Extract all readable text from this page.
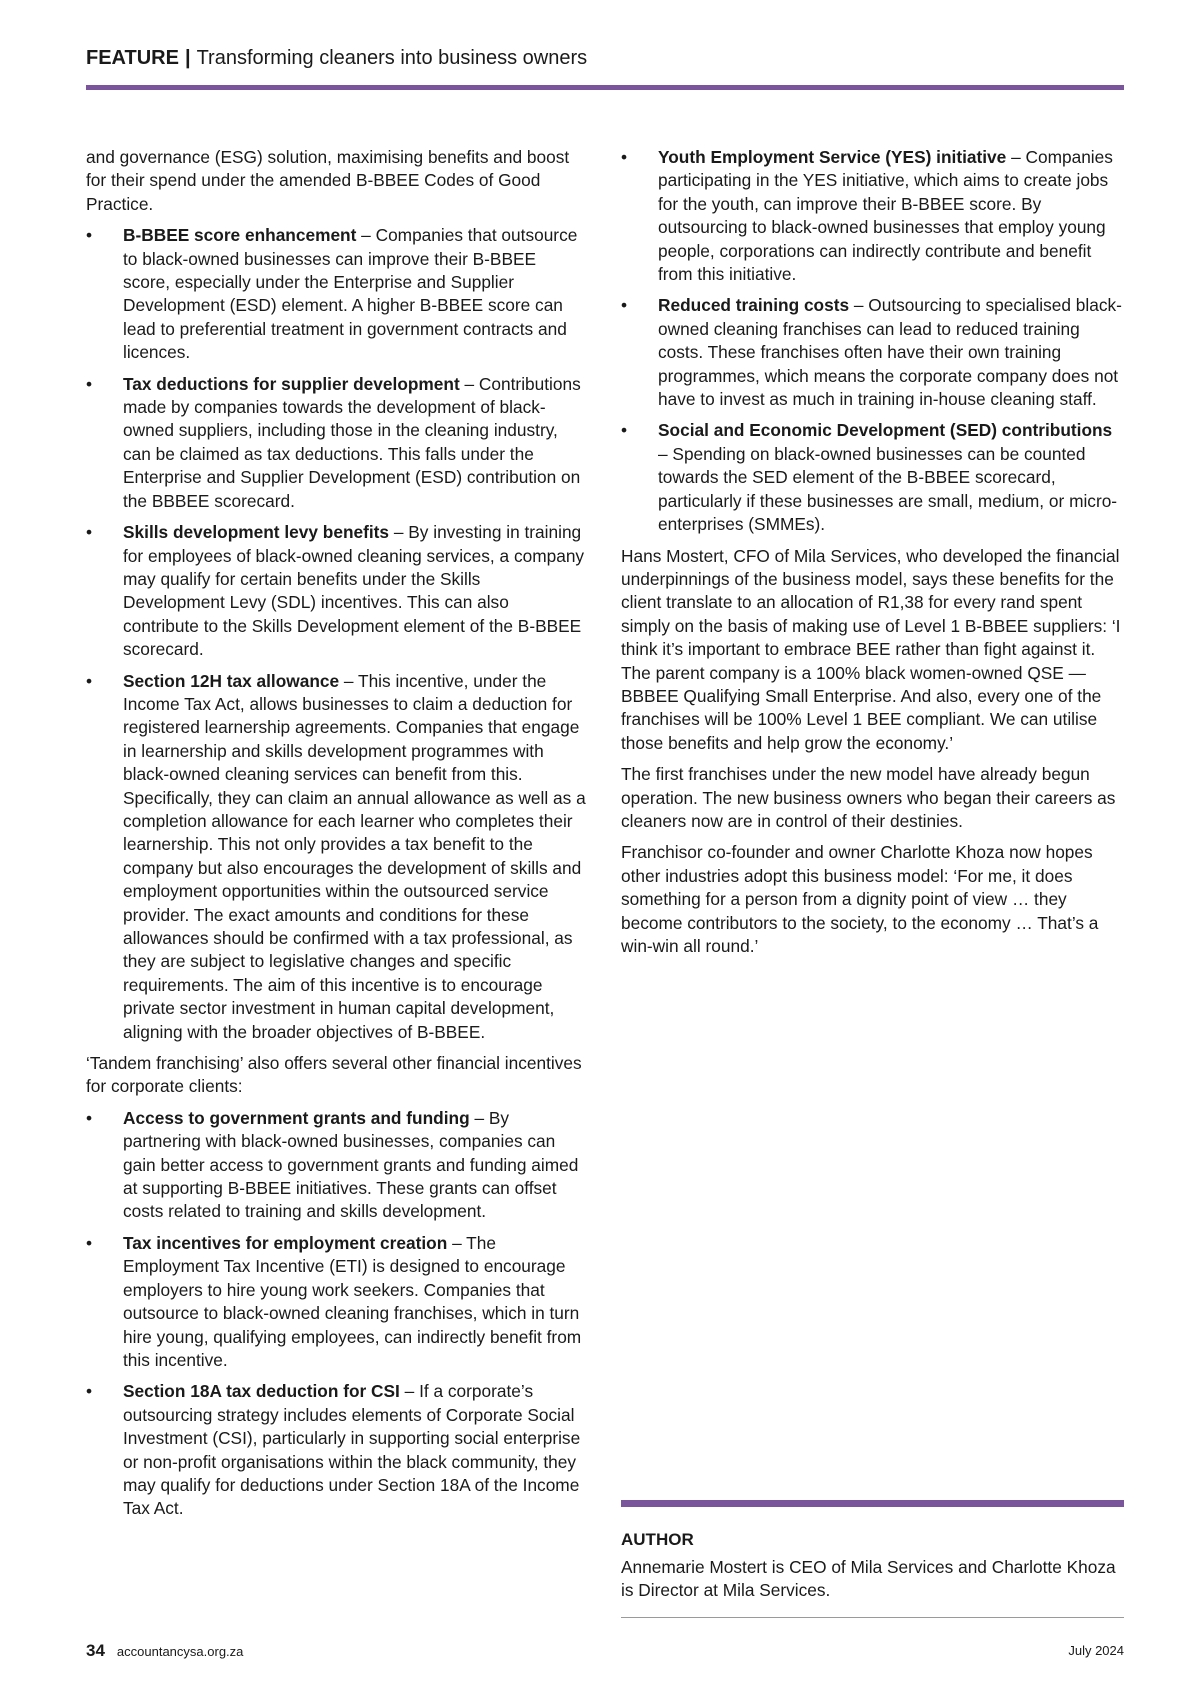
FEATURE | Transforming cleaners into business owners

and governance (ESG) solution, maximising benefits and boost for their spend under the amended B-BBEE Codes of Good Practice.

• B-BBEE score enhancement – Companies that outsource to black-owned businesses can improve their B-BBEE score, especially under the Enterprise and Supplier Development (ESD) element. A higher B-BBEE score can lead to preferential treatment in government contracts and licences.
• Tax deductions for supplier development – Contributions made by companies towards the development of black-owned suppliers, including those in the cleaning industry, can be claimed as tax deductions. This falls under the Enterprise and Supplier Development (ESD) contribution on the BBBEE scorecard.
• Skills development levy benefits – By investing in training for employees of black-owned cleaning services, a company may qualify for certain benefits under the Skills Development Levy (SDL) incentives. This can also contribute to the Skills Development element of the B-BBEE scorecard.
• Section 12H tax allowance – This incentive, under the Income Tax Act, allows businesses to claim a deduction for registered learnership agreements. Companies that engage in learnership and skills development programmes with black-owned cleaning services can benefit from this. Specifically, they can claim an annual allowance as well as a completion allowance for each learner who completes their learnership. This not only provides a tax benefit to the company but also encourages the development of skills and employment opportunities within the outsourced service provider. The exact amounts and conditions for these allowances should be confirmed with a tax professional, as they are subject to legislative changes and specific requirements. The aim of this incentive is to encourage private sector investment in human capital development, aligning with the broader objectives of B-BBEE.

‘Tandem franchising’ also offers several other financial incentives for corporate clients:

• Access to government grants and funding – By partnering with black-owned businesses, companies can gain better access to government grants and funding aimed at supporting B-BBEE initiatives. These grants can offset costs related to training and skills development.
• Tax incentives for employment creation – The Employment Tax Incentive (ETI) is designed to encourage employers to hire young work seekers. Companies that outsource to black-owned cleaning franchises, which in turn hire young, qualifying employees, can indirectly benefit from this incentive.
• Section 18A tax deduction for CSI – If a corporate’s outsourcing strategy includes elements of Corporate Social Investment (CSI), particularly in supporting social enterprise or non-profit organisations within the black community, they may qualify for deductions under Section 18A of the Income Tax Act.
• Youth Employment Service (YES) initiative – Companies participating in the YES initiative, which aims to create jobs for the youth, can improve their B-BBEE score. By outsourcing to black-owned businesses that employ young people, corporations can indirectly contribute and benefit from this initiative.
• Reduced training costs – Outsourcing to specialised black-owned cleaning franchises can lead to reduced training costs. These franchises often have their own training programmes, which means the corporate company does not have to invest as much in training in-house cleaning staff.
• Social and Economic Development (SED) contributions – Spending on black-owned businesses can be counted towards the SED element of the B-BBEE scorecard, particularly if these businesses are small, medium, or micro-enterprises (SMMEs).

Hans Mostert, CFO of Mila Services, who developed the financial underpinnings of the business model, says these benefits for the client translate to an allocation of R1,38 for every rand spent simply on the basis of making use of Level 1 B-BBEE suppliers: ‘I think it’s important to embrace BEE rather than fight against it. The parent company is a 100% black women-owned QSE — BBBEE Qualifying Small Enterprise. And also, every one of the franchises will be 100% Level 1 BEE compliant. We can utilise those benefits and help grow the economy.’

The first franchises under the new model have already begun operation. The new business owners who began their careers as cleaners now are in control of their destinies.

Franchisor co-founder and owner Charlotte Khoza now hopes other industries adopt this business model: ‘For me, it does something for a person from a dignity point of view … they become contributors to the society, to the economy … That’s a win-win all round.’

AUTHOR
Annemarie Mostert is CEO of Mila Services and Charlotte Khoza is Director at Mila Services.
34 accountancysa.org.za	July 2024
